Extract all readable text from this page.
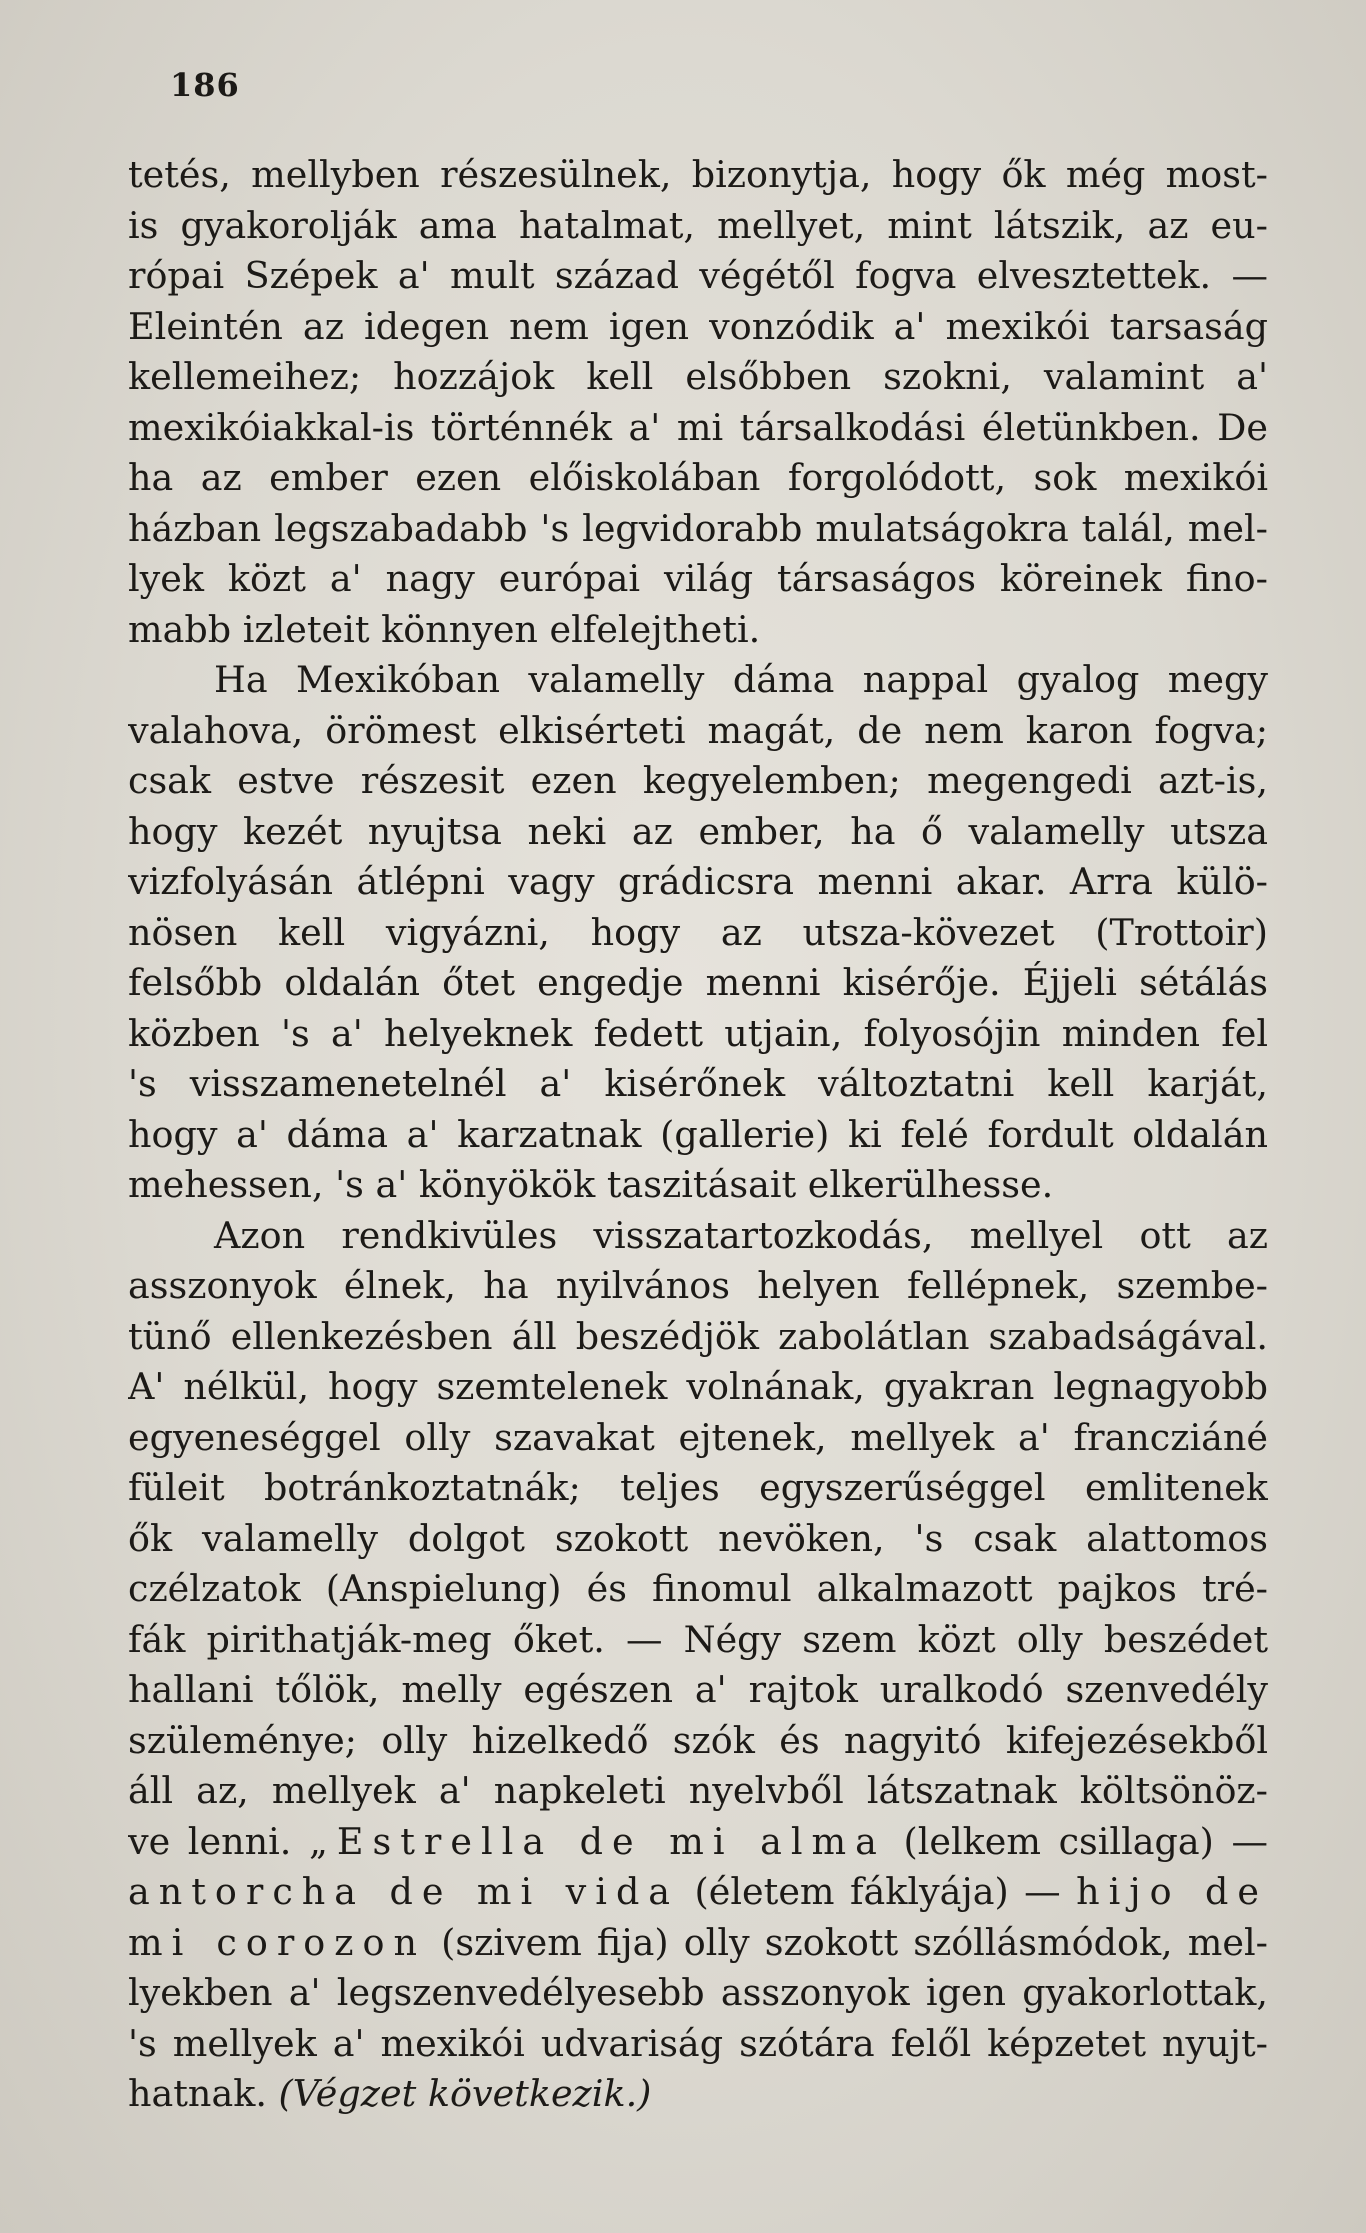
186
tetés, mellyben részesülnek, bizonytja, hogy ők még most-
is gyakorolják ama hatalmat, mellyet, mint látszik, az eu-
rópai Szépek a' mult század végétől fogva elvesztettek. —
Eleintén az idegen nem igen vonzódik a' mexikói tarsaság
kellemeihez; hozzájok kell elsőbben szokni, valamint a'
mexikóiakkal-is történnék a' mi társalkodási életünkben. De
ha az ember ezen előiskolában forgolódott, sok mexikói
házban legszabadabb 's legvidorabb mulatságokra talál, mel-
lyek közt a' nagy európai világ társaságos köreinek fino-
mabb izleteit könnyen elfelejtheti.
Ha Mexikóban valamelly dáma nappal gyalog megy
valahova, örömest elkisérteti magát, de nem karon fogva;
csak estve részesit ezen kegyelemben; megengedi azt-is,
hogy kezét nyujtsa neki az ember, ha ő valamelly utsza
vizfolyásán átlépni vagy grádicsra menni akar. Arra külö-
nösen kell vigyázni, hogy az utsza-kövezet (Trottoir)
felsőbb oldalán őtet engedje menni kisérője. Éjjeli sétálás
közben 's a' helyeknek fedett utjain, folyosójin minden fel
's visszamenetelnél a' kisérőnek változtatni kell karját,
hogy a' dáma a' karzatnak (gallerie) ki felé fordult oldalán
mehessen, 's a' könyökök taszitásait elkerülhesse.
Azon rendkivüles visszatartozkodás, mellyel ott az
asszonyok élnek, ha nyilvános helyen fellépnek, szembe-
tünő ellenkezésben áll beszédjök zabolátlan szabadságával.
A' nélkül, hogy szemtelenek volnának, gyakran legnagyobb
egyeneséggel olly szavakat ejtenek, mellyek a' francziáné
füleit botránkoztatnák; teljes egyszerűséggel emlitenek
ők valamelly dolgot szokott nevöken, 's csak alattomos
czélzatok (Anspielung) és finomul alkalmazott pajkos tré-
fák pirithatják-meg őket. — Négy szem közt olly beszédet
hallani tőlök, melly egészen a' rajtok uralkodó szenvedély
szüleménye; olly hizelkedő szók és nagyitó kifejezésekből
áll az, mellyek a' napkeleti nyelvből látszatnak költsönöz-
ve lenni. „Estrella de mi alma (lelkem csillaga) —
antorcha de mi vida (életem fáklyája) — hijo de
mi corozon (szivem fija) olly szokott szóllásmódok, mel-
lyekben a' legszenvedélyesebb asszonyok igen gyakorlottak,
's mellyek a' mexikói udvariság szótára felől képzetet nyujt-
hatnak. (Végzet következik.)
